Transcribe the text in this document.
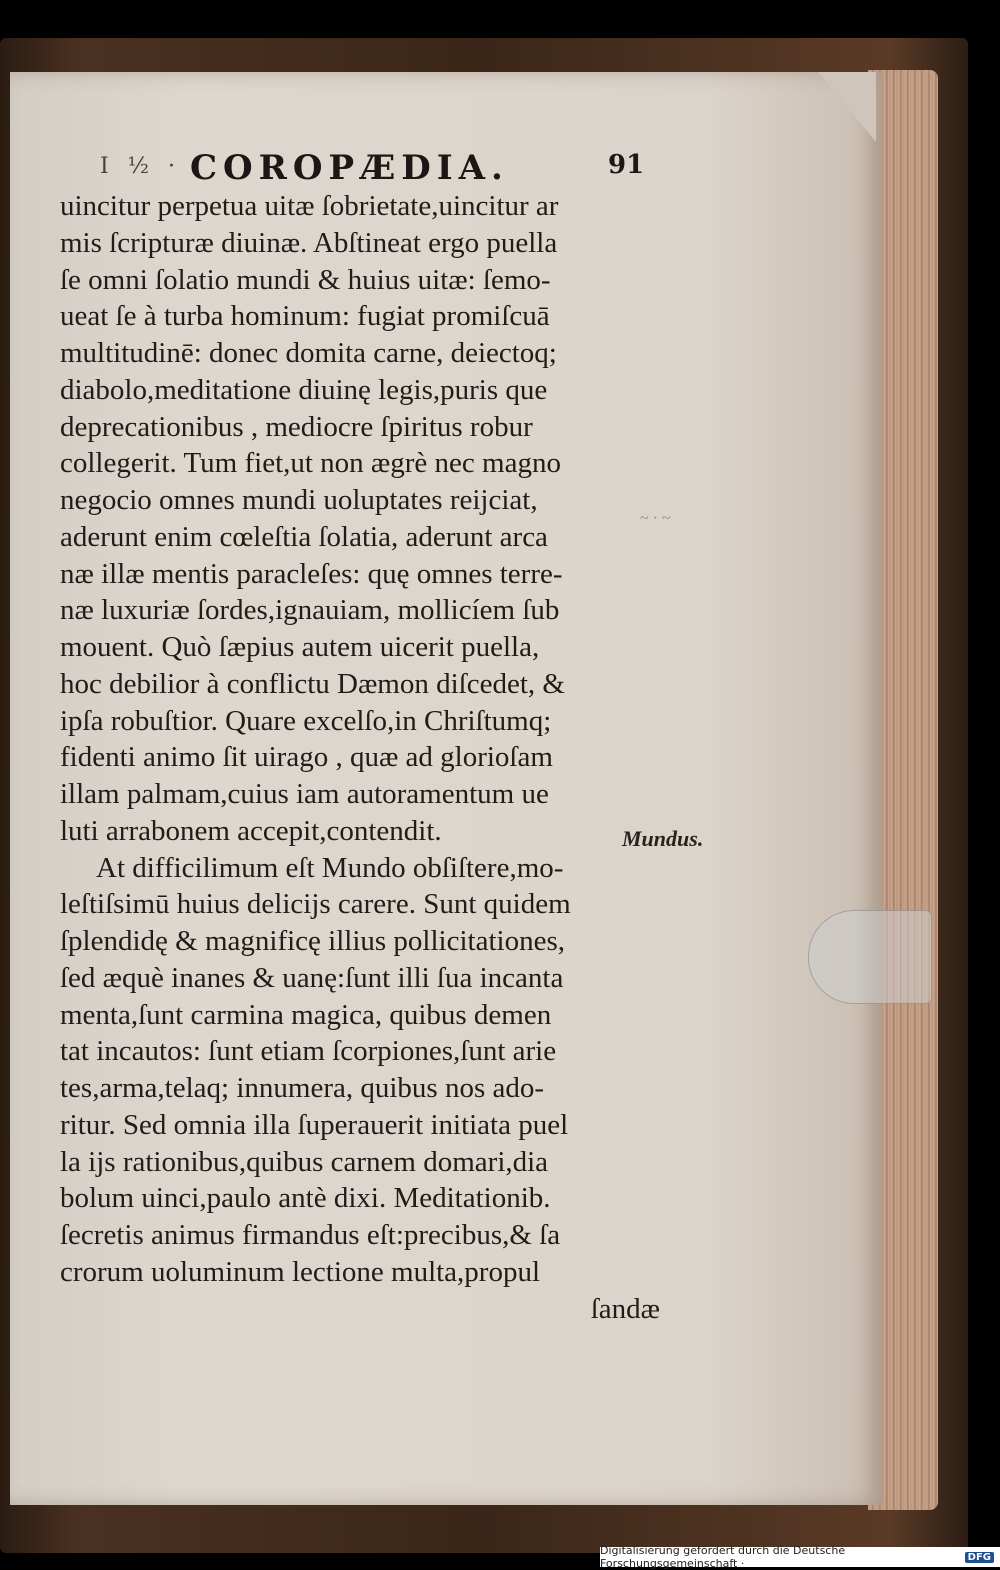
I ½ · COROPÆDIA.	91
uincitur perpetua uitæ ſobrietate,uincitur ar
mis ſcripturæ diuinæ. Abſtineat ergo puella
ſe omni ſolatio mundi & huius uitæ: ſemo-
ueat ſe à turba hominum: fugiat promiſcuā
multitudinē: donec domita carne, deiectoq;
diabolo,meditatione diuinę legis,puris que
deprecationibus , mediocre ſpiritus robur
collegerit. Tum fiet,ut non ægrè nec magno
negocio omnes mundi uoluptates reijciat,
aderunt enim cœleſtia ſolatia, aderunt arca
næ illæ mentis paracleſes: quę omnes terre-
næ luxuriæ ſordes,ignauiam, mollicíem ſub
mouent. Quò ſæpius autem uicerit puella,
hoc debilior à conflictu Dæmon diſcedet, &
ipſa robuſtior. Quare excelſo,in Chriſtumq;
fidenti animo ſit uirago , quæ ad glorioſam
illam palmam,cuius iam autoramentum ue
luti arrabonem accepit,contendit.
At difficilimum eſt Mundo obſiſtere,mo-
leſtiſsimū huius delicijs carere. Sunt quidem
ſplendidę & magnificę illius pollicitationes,
ſed æquè inanes & uanę:ſunt illi ſua incanta
menta,ſunt carmina magica, quibus demen
tat incautos: ſunt etiam ſcorpiones,ſunt arie
tes,arma,telaq; innumera, quibus nos ado-
ritur. Sed omnia illa ſuperauerit initiata puel
la ijs rationibus,quibus carnem domari,dia
bolum uinci,paulo antè dixi. Meditationib.
ſecretis animus firmandus eſt:precibus,& ſa
crorum uoluminum lectione multa,propul
ſandæ
Mundus.
~ · ~
Digitalisierung gefördert durch die Deutsche Forschungsgemeinschaft ·	DFG
